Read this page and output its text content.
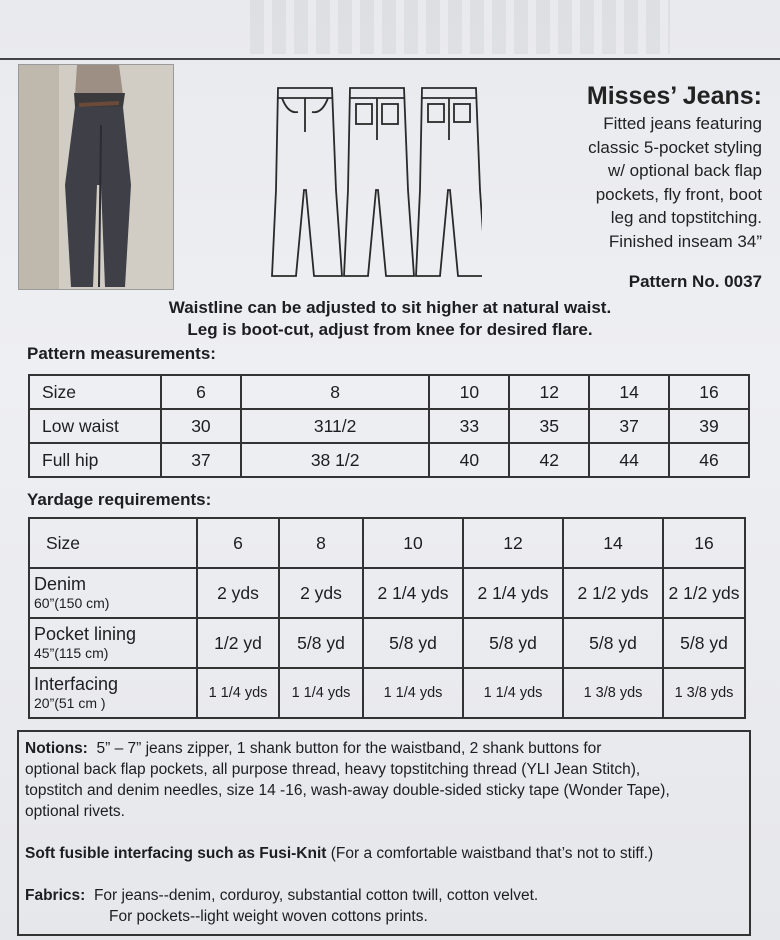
Misses’ Jeans:
Fitted jeans featuring
classic 5-pocket styling
w/ optional back flap
pockets, fly front, boot
leg and topstitching.
Finished inseam 34”
Pattern No. 0037
Waistline can be adjusted to sit higher at natural waist.
Leg is boot-cut, adjust from knee for desired flare.
Pattern measurements:
Size	6	8	10	12	14	16
Low waist	30	311/2	33	35	37	39
Full hip	37	38 1/2	40	42	44	46
Yardage requirements:
Size	6	8	10	12	14	16

Denim
60”(150 cm)	2 yds	2 yds	2 1/4 yds	2 1/4 yds	2 1/2 yds	2 1/2 yds

Pocket lining
45”(115 cm)	1/2 yd	5/8 yd	5/8 yd	5/8 yd	5/8 yd	5/8 yd

Interfacing
20”(51 cm )	1 1/4 yds	1 1/4 yds	1 1/4 yds	1 1/4 yds	1 3/8 yds	1 3/8 yds

Notions: 5” – 7” jeans zipper, 1 shank button for the waistband, 2 shank buttons for

optional back flap pockets, all purpose thread, heavy topstitching thread (YLI Jean Stitch),

topstitch and denim needles, size 14 -16, wash-away double-sided sticky tape (Wonder Tape),

optional rivets.

Soft fusible interfacing such as Fusi-Knit (For a comfortable waistband that’s not to stiff.)

Fabrics: For jeans--denim, corduroy, substantial cotton twill, cotton velvet.

For pockets--light weight woven cottons prints.
